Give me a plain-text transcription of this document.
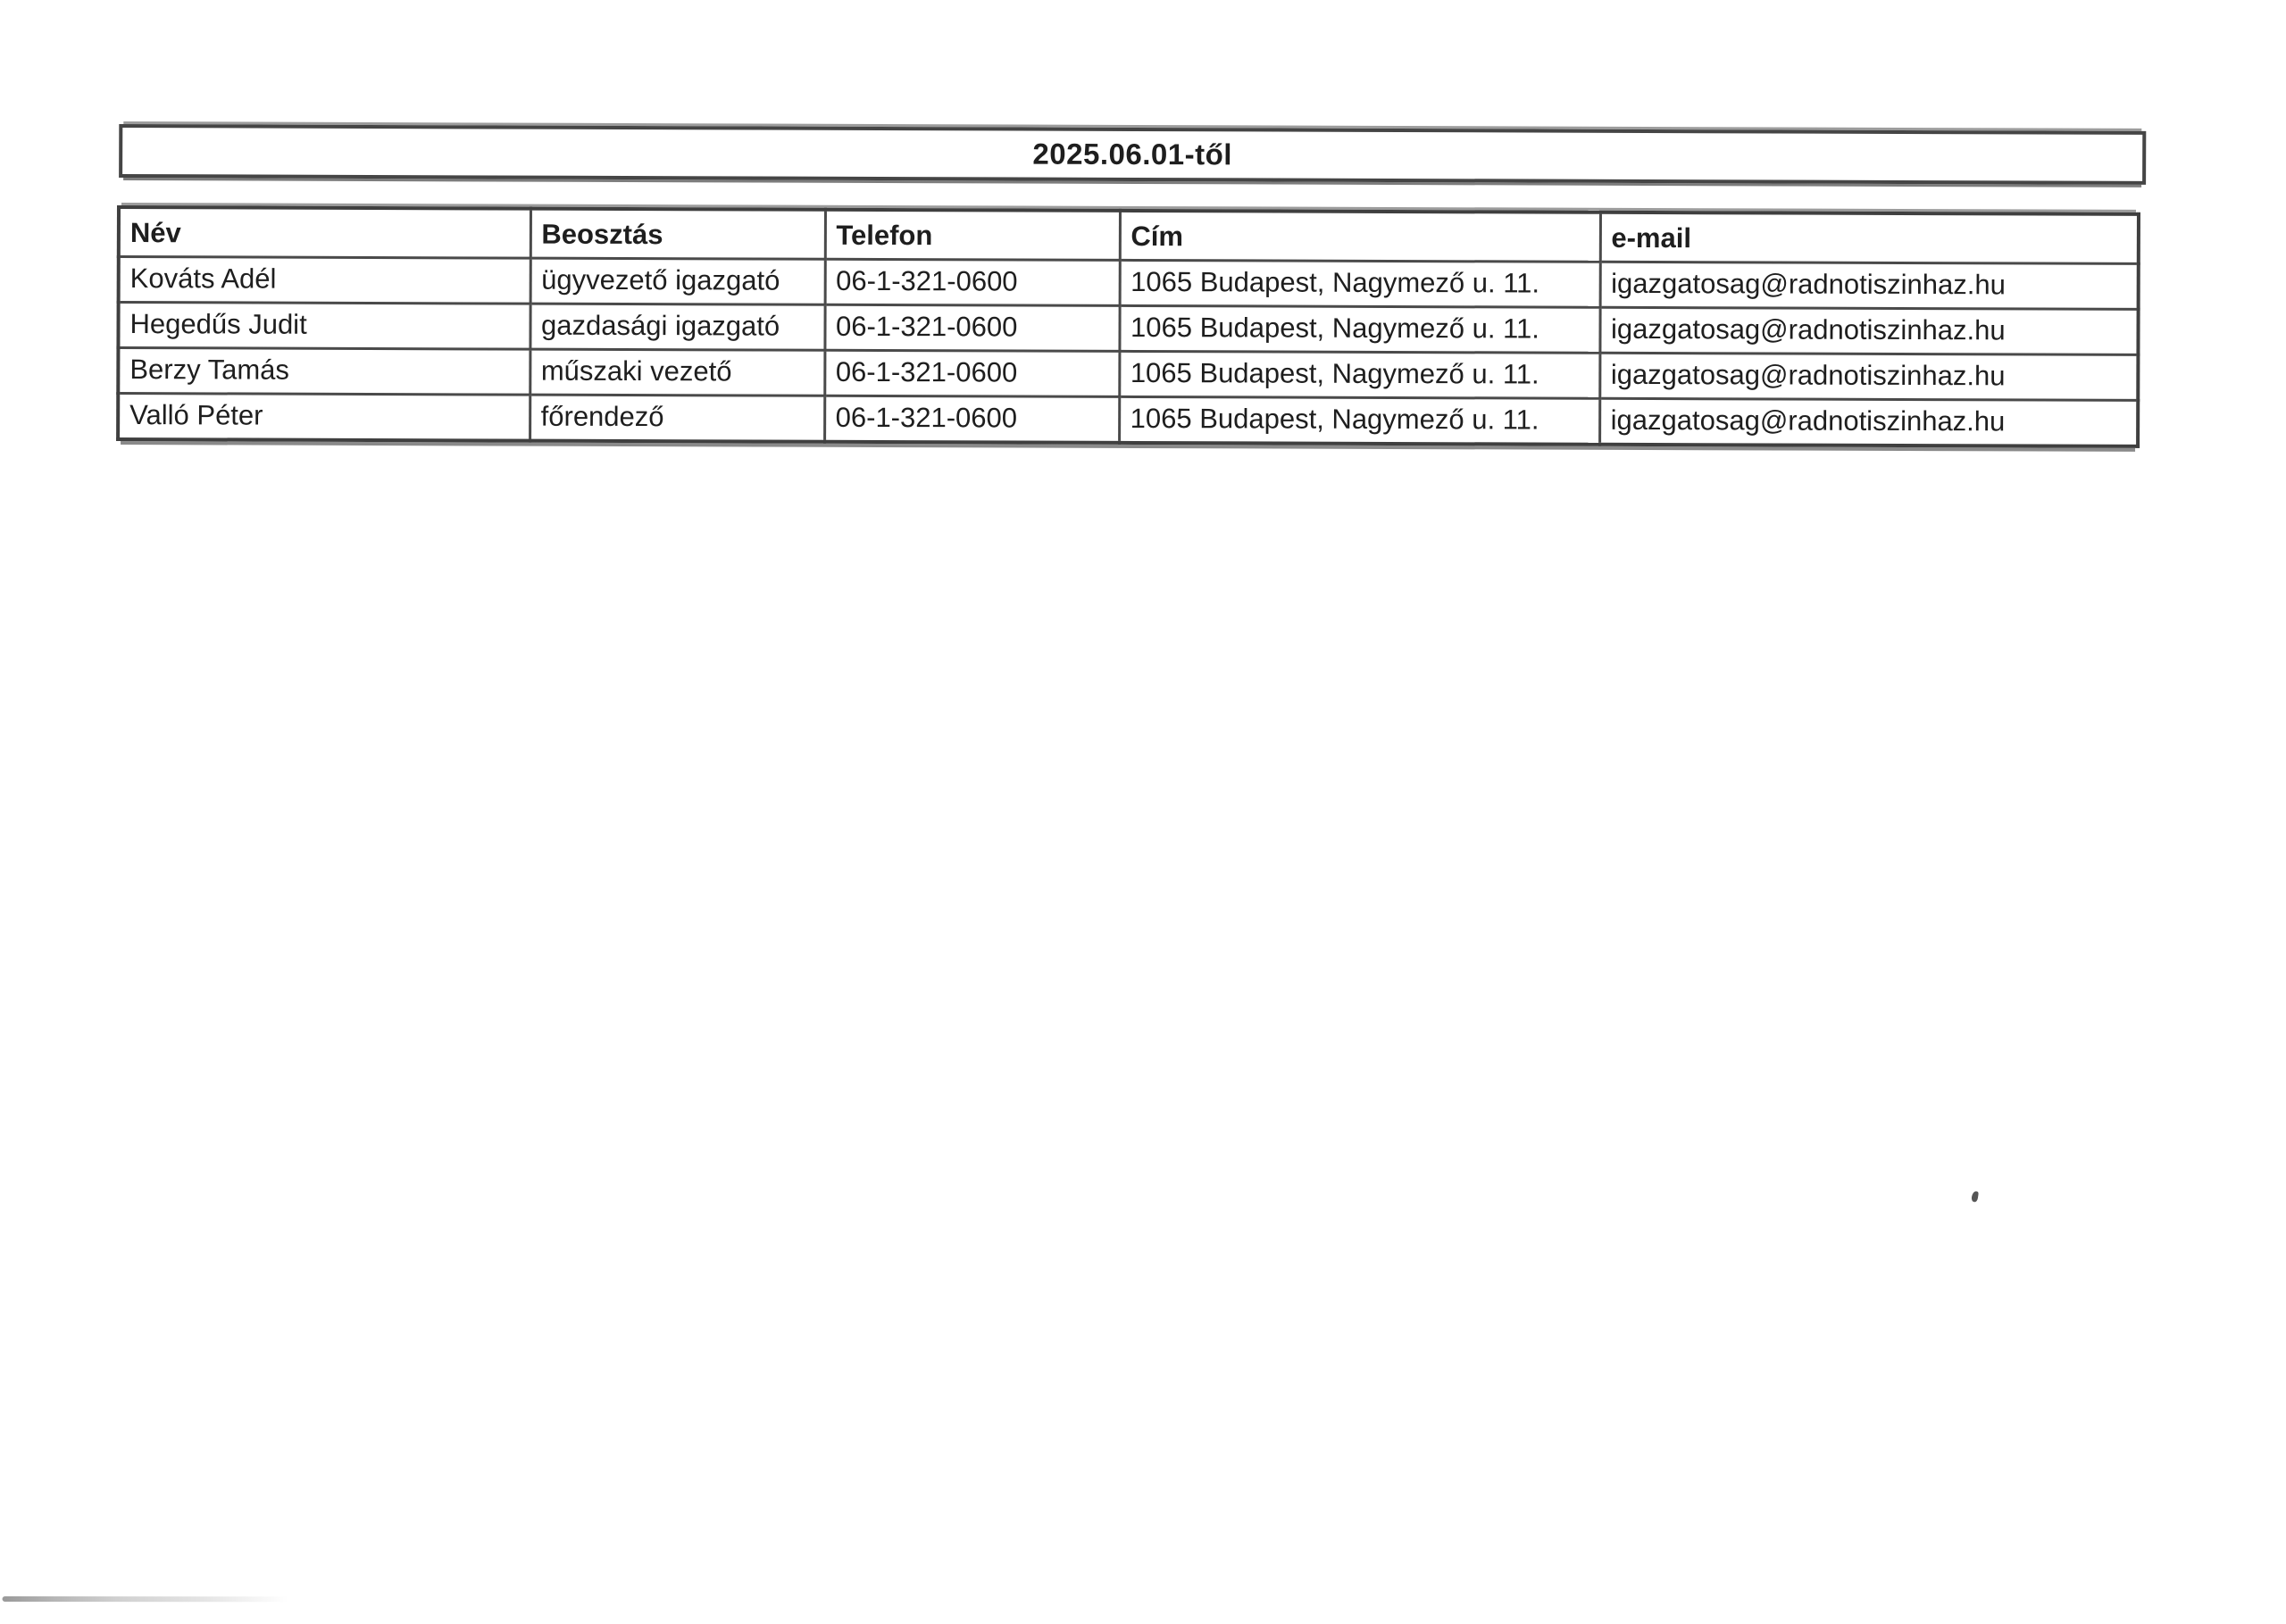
2025.06.01-től
Név	Beosztás	Telefon	Cím	e-mail
Kováts Adél	ügyvezető igazgató	06-1-321-0600	1065 Budapest, Nagymező u. 11.	igazgatosag@radnotiszinhaz.hu
Hegedűs Judit	gazdasági igazgató	06-1-321-0600	1065 Budapest, Nagymező u. 11.	igazgatosag@radnotiszinhaz.hu
Berzy Tamás	műszaki vezető	06-1-321-0600	1065 Budapest, Nagymező u. 11.	igazgatosag@radnotiszinhaz.hu
Valló Péter	főrendező	06-1-321-0600	1065 Budapest, Nagymező u. 11.	igazgatosag@radnotiszinhaz.hu
